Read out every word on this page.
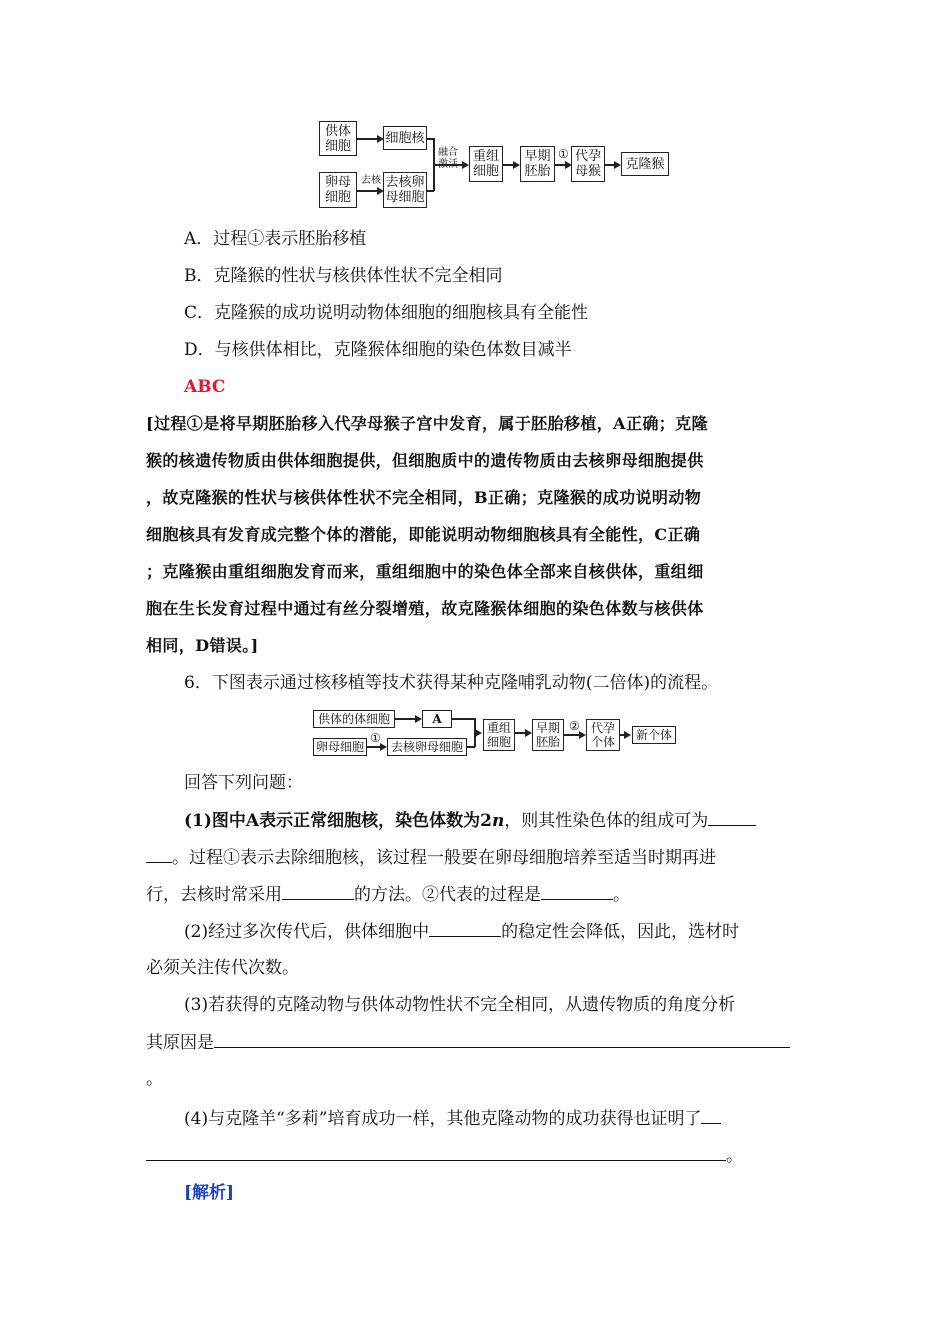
供体
细胞
细胞核
卵母
细胞
去核 去核卵
母细胞
融合	重组
细胞
早期
胚胎
① 代孕
母猴	克隆猴
A．过程①表示胚胎移植
B．克隆猴的性状与核供体性状不完全相同
C．克隆猴的成功说明动物体细胞的细胞核具有全能性
D．与核供体相比，克隆猴体细胞的染色体数目减半
ABC
[过程①是将早期胚胎移入代孕母猴子宫中发育，属于胚胎移植，A正确；克隆
猴的核遗传物质由供体细胞提供，但细胞质中的遗传物质由去核卵母细胞提供
，故克隆猴的性状与核供体性状不完全相同，B正确；克隆猴的成功说明动物
细胞核具有发育成完整个体的潜能，即能说明动物细胞核具有全能性，C正确
；克隆猴由重组细胞发育而来，重组细胞中的染色体全部来自核供体，重组细
胞在生长发育过程中通过有丝分裂增殖，故克隆猴体细胞的染色体数与核供体
相同，D错误。]
6．下图表示通过核移植等技术获得某种克隆哺乳动物(二倍体)的流程。
供体的体细胞	A
卵母细胞
①
去核卵母细胞
重组
细胞
早期
胚胎
② 代孕
个体
新个体
回答下列问题：
(1)图中A表示正常细胞核，染色体数为2n，则其性染色体的组成可为
。过程①表示去除细胞核，该过程一般要在卵母细胞培养至适当时期再进
行，去核时常采用	的方法。②代表的过程是	。
(2)经过多次传代后，供体细胞中	的稳定性会降低，因此，选材时
必须关注传代次数。
(3)若获得的克隆动物与供体动物性状不完全相同，从遗传物质的角度分析
其原因是
。
(4)与克隆羊“多莉”培育成功一样，其他克隆动物的成功获得也证明了
。
[解析]
